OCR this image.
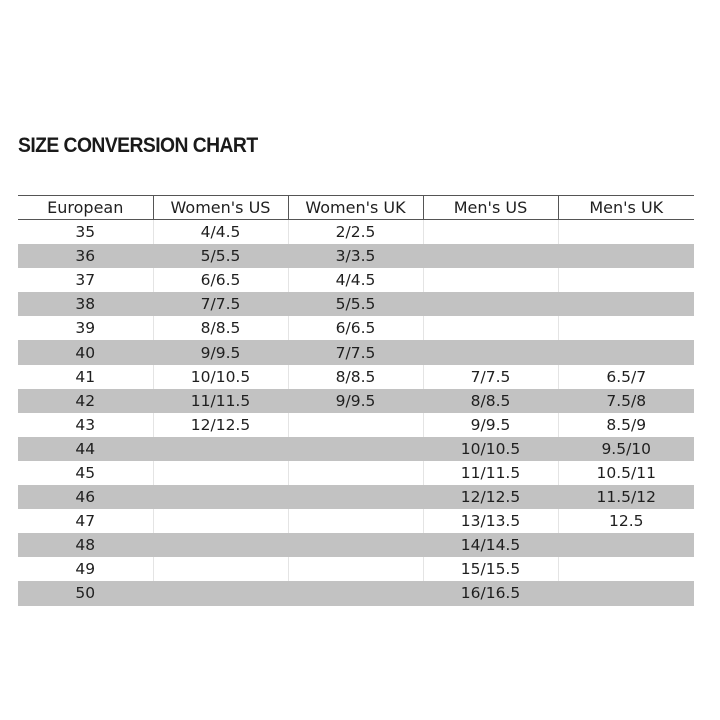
SIZE CONVERSION CHART
European	Women's US	Women's UK	Men's US	Men's UK
35	4/4.5	2/2.5		
36	5/5.5	3/3.5		
37	6/6.5	4/4.5		
38	7/7.5	5/5.5		
39	8/8.5	6/6.5		
40	9/9.5	7/7.5		
41	10/10.5	8/8.5	7/7.5	6.5/7
42	11/11.5	9/9.5	8/8.5	7.5/8
43	12/12.5		9/9.5	8.5/9
44			10/10.5	9.5/10
45			11/11.5	10.5/11
46			12/12.5	11.5/12
47			13/13.5	12.5
48			14/14.5	
49			15/15.5	
50			16/16.5	
